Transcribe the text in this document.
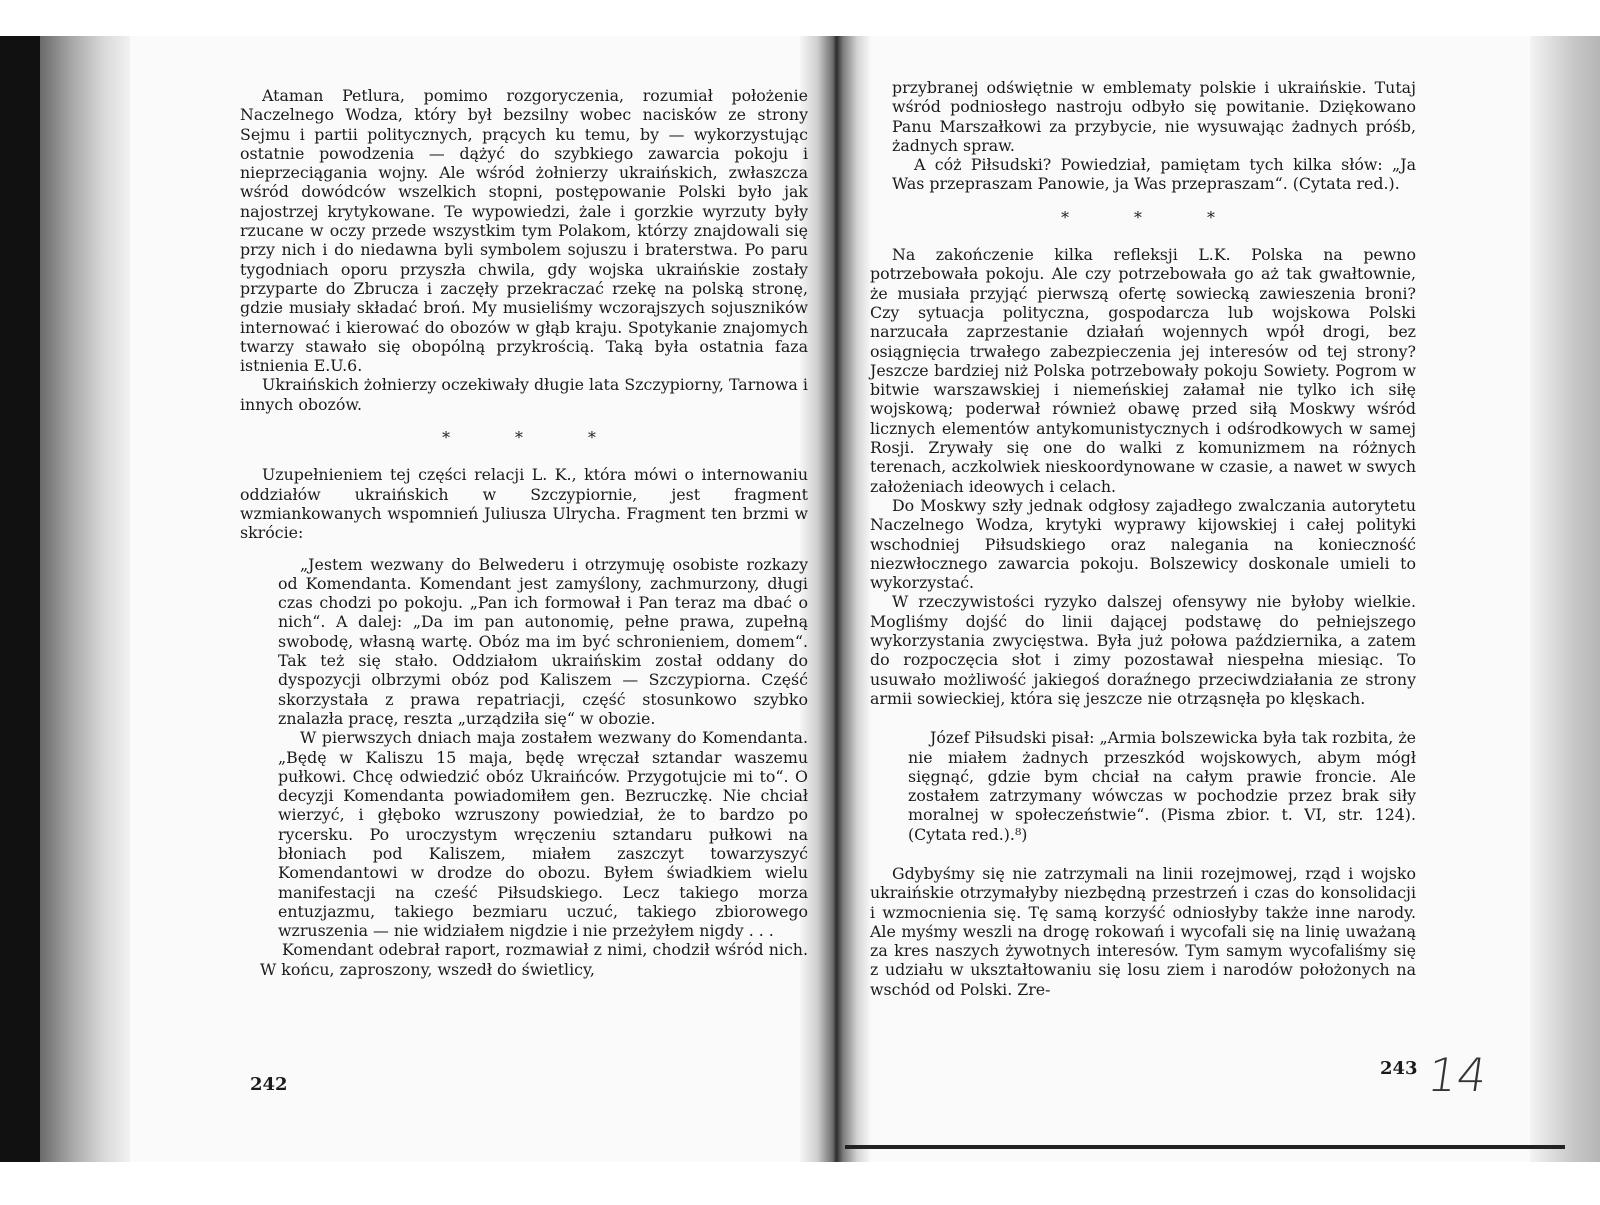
Ataman Petlura, pomimo rozgoryczenia, rozumiał położenie Naczelnego Wodza, który był bezsilny wobec nacisków ze strony Sejmu i partii politycznych, prących ku temu, by — wykorzystując ostatnie powodzenia — dążyć do szybkiego zawarcia pokoju i nieprzeciągania wojny. Ale wśród żołnierzy ukraińskich, zwłaszcza wśród dowódców wszelkich stopni, postępowanie Polski było jak najostrzej krytykowane. Te wypowiedzi, żale i gorzkie wyrzuty były rzucane w oczy przede wszystkim tym Polakom, którzy znajdowali się przy nich i do niedawna byli symbolem sojuszu i braterstwa. Po paru tygodniach oporu przyszła chwila, gdy wojska ukraińskie zostały przyparte do Zbrucza i zaczęły przekraczać rzekę na polską stronę, gdzie musiały składać broń. My musieliśmy wczorajszych sojuszników internować i kierować do obozów w głąb kraju. Spotykanie znajomych twarzy stawało się obopólną przykrością. Taką była ostatnia faza istnienia E.U.6.

Ukraińskich żołnierzy oczekiwały długie lata Szczypiorny, Tarnowa i innych obozów.

* * *

Uzupełnieniem tej części relacji L. K., która mówi o internowaniu oddziałów ukraińskich w Szczypiornie, jest fragment wzmiankowanych wspomnień Juliusza Ulrycha. Fragment ten brzmi w skrócie:

„Jestem wezwany do Belwederu i otrzymuję osobiste rozkazy od Komendanta. Komendant jest zamyślony, zachmurzony, długi czas chodzi po pokoju. „Pan ich formował i Pan teraz ma dbać o nich“. A dalej: „Da im pan autonomię, pełne prawa, zupełną swobodę, własną wartę. Obóz ma im być schronieniem, domem“. Tak też się stało. Oddziałom ukraińskim został oddany do dyspozycji olbrzymi obóz pod Kaliszem — Szczypiorna. Część skorzystała z prawa repatriacji, część stosunkowo szybko znalazła pracę, reszta „urządziła się“ w obozie.

W pierwszych dniach maja zostałem wezwany do Komendanta. „Będę w Kaliszu 15 maja, będę wręczał sztandar waszemu pułkowi. Chcę odwiedzić obóz Ukraińców. Przygotujcie mi to“. O decyzji Komendanta powiadomiłem gen. Bezruczkę. Nie chciał wierzyć, i głęboko wzruszony powiedział, że to bardzo po rycersku. Po uroczystym wręczeniu sztandaru pułkowi na błoniach pod Kaliszem, miałem zaszczyt towarzyszyć Komendantowi w drodze do obozu. Byłem świadkiem wielu manifestacji na cześć Piłsudskiego. Lecz takiego morza entuzjazmu, takiego bezmiaru uczuć, takiego zbiorowego wzruszenia — nie widziałem nigdzie i nie przeżyłem nigdy . . .

Komendant odebrał raport, rozmawiał z nimi, chodził wśród nich. W końcu, zaproszony, wszedł do świetlicy,

242

przybranej odświętnie w emblematy polskie i ukraińskie. Tutaj wśród podniosłego nastroju odbyło się powitanie. Dziękowano Panu Marszałkowi za przybycie, nie wysuwając żadnych próśb, żadnych spraw.

A cóż Piłsudski? Powiedział, pamiętam tych kilka słów: „Ja Was przepraszam Panowie, ja Was przepraszam“. (Cytata red.).

* * *

Na zakończenie kilka refleksji L.K. Polska na pewno potrzebowała pokoju. Ale czy potrzebowała go aż tak gwałtownie, że musiała przyjąć pierwszą ofertę sowiecką zawieszenia broni? Czy sytuacja polityczna, gospodarcza lub wojskowa Polski narzucała zaprzestanie działań wojennych wpół drogi, bez osiągnięcia trwałego zabezpieczenia jej interesów od tej strony? Jeszcze bardziej niż Polska potrzebowały pokoju Sowiety. Pogrom w bitwie warszawskiej i niemeńskiej załamał nie tylko ich siłę wojskową; poderwał również obawę przed siłą Moskwy wśród licznych elementów antykomunistycznych i odśrodkowych w samej Rosji. Zrywały się one do walki z komunizmem na różnych terenach, aczkolwiek nieskoordynowane w czasie, a nawet w swych założeniach ideowych i celach.

Do Moskwy szły jednak odgłosy zajadłego zwalczania autorytetu Naczelnego Wodza, krytyki wyprawy kijowskiej i całej polityki wschodniej Piłsudskiego oraz nalegania na konieczność niezwłocznego zawarcia pokoju. Bolszewicy doskonale umieli to wykorzystać.

W rzeczywistości ryzyko dalszej ofensywy nie byłoby wielkie. Mogliśmy dojść do linii dającej podstawę do pełniejszego wykorzystania zwycięstwa. Była już połowa października, a zatem do rozpoczęcia słot i zimy pozostawał niespełna miesiąc. To usuwało możliwość jakiegoś doraźnego przeciwdziałania ze strony armii sowieckiej, która się jeszcze nie otrząsnęła po klęskach.

Józef Piłsudski pisał: „Armia bolszewicka była tak rozbita, że nie miałem żadnych przeszkód wojskowych, abym mógł sięgnąć, gdzie bym chciał na całym prawie froncie. Ale zostałem zatrzymany wówczas w pochodzie przez brak siły moralnej w społeczeństwie“. (Pisma zbior. t. VI, str. 124). (Cytata red.).⁸)

Gdybyśmy się nie zatrzymali na linii rozejmowej, rząd i wojsko ukraińskie otrzymałyby niezbędną przestrzeń i czas do konsolidacji i wzmocnienia się. Tę samą korzyść odniosłyby także inne narody. Ale myśmy weszli na drogę rokowań i wycofali się na linię uważaną za kres naszych żywotnych interesów. Tym samym wycofaliśmy się z udziału w ukształtowaniu się losu ziem i narodów położonych na wschód od Polski. Zre-

243 14
